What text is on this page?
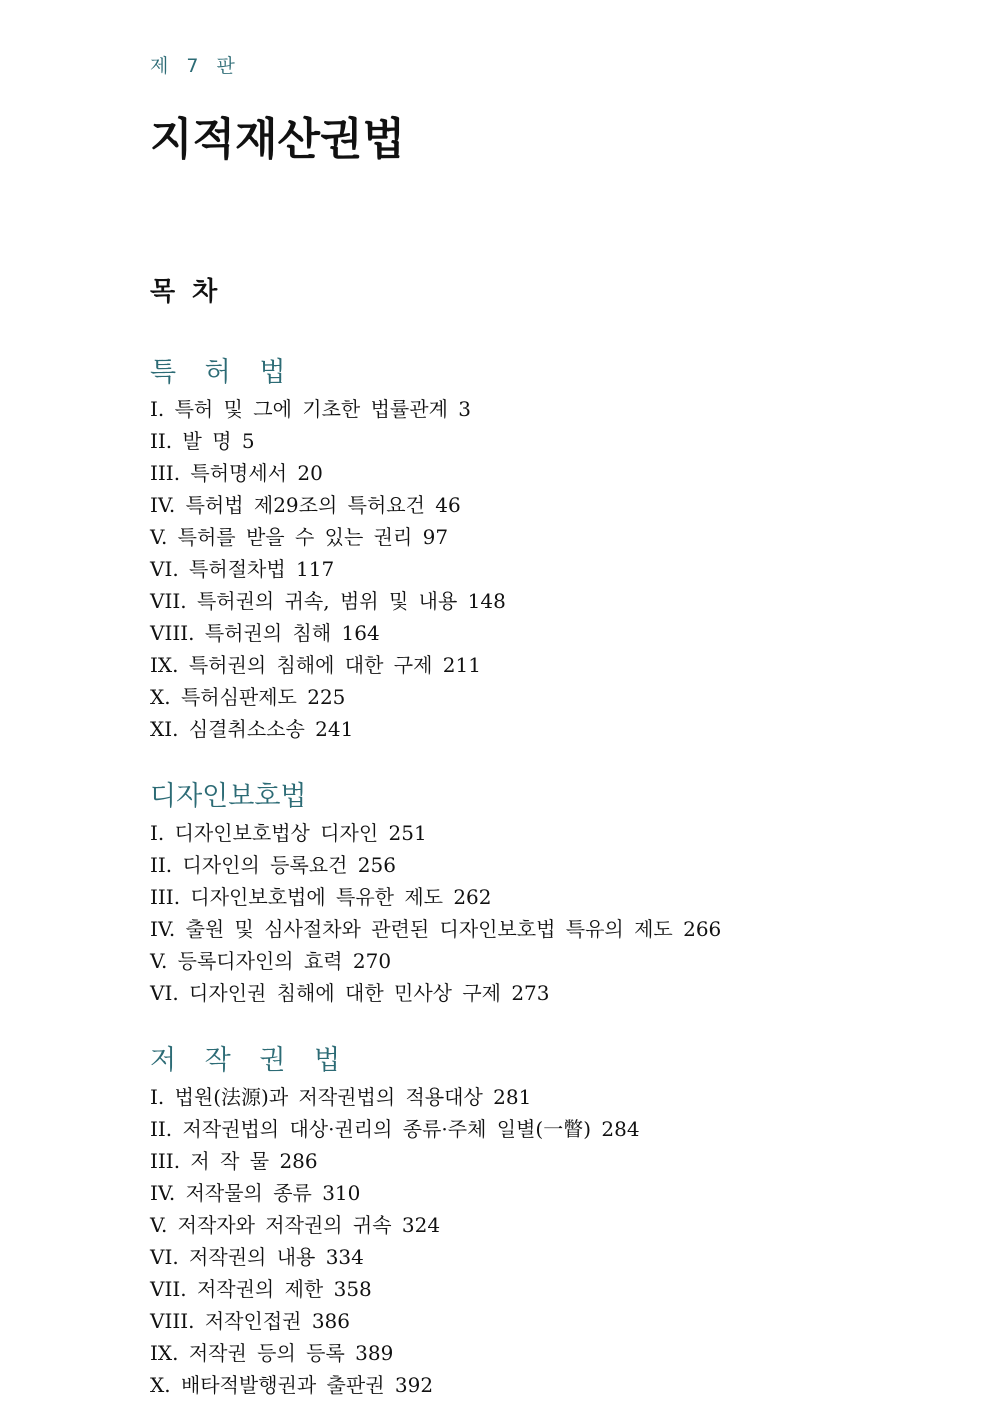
제 7 판
지적재산권법
목 차
특 허 법
I. 특허 및 그에 기초한 법률관계 3
II. 발 명 5
III. 특허명세서 20
IV. 특허법 제29조의 특허요건 46
V. 특허를 받을 수 있는 권리 97
VI. 특허절차법 117
VII. 특허권의 귀속, 범위 및 내용 148
VIII. 특허권의 침해 164
IX. 특허권의 침해에 대한 구제 211
X. 특허심판제도 225
XI. 심결취소소송 241
디자인보호법
I. 디자인보호법상 디자인 251
II. 디자인의 등록요건 256
III. 디자인보호법에 특유한 제도 262
IV. 출원 및 심사절차와 관련된 디자인보호법 특유의 제도 266
V. 등록디자인의 효력 270
VI. 디자인권 침해에 대한 민사상 구제 273
저 작 권 법
I. 법원(法源)과 저작권법의 적용대상 281
II. 저작권법의 대상·권리의 종류·주체 일별(一瞥) 284
III. 저 작 물 286
IV. 저작물의 종류 310
V. 저작자와 저작권의 귀속 324
VI. 저작권의 내용 334
VII. 저작권의 제한 358
VIII. 저작인접권 386
IX. 저작권 등의 등록 389
X. 배타적발행권과 출판권 392
